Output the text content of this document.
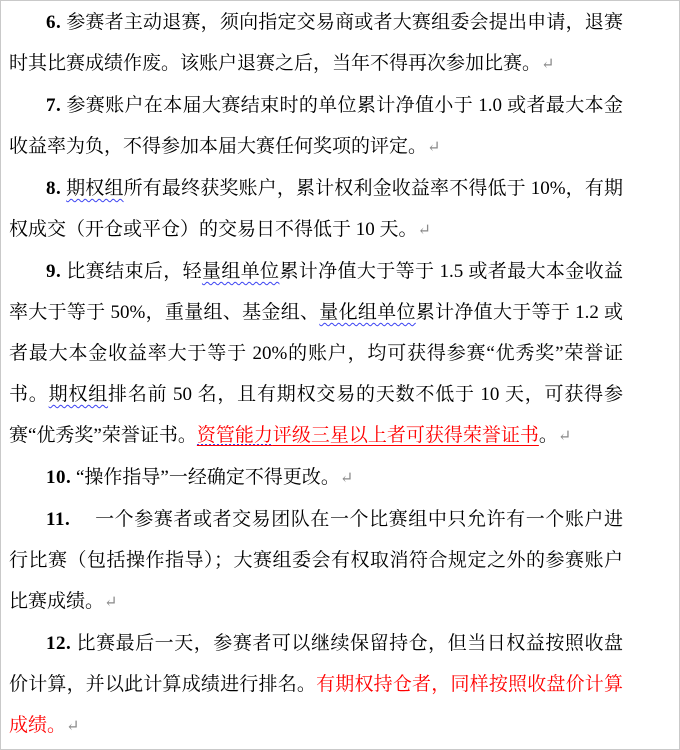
6. 参赛者主动退赛，须向指定交易商或者大赛组委会提出申请，退赛时其比赛成绩作废。该账户退赛之后，当年不得再次参加比赛。↵
7. 参赛账户在本届大赛结束时的单位累计净值小于 1.0 或者最大本金收益率为负，不得参加本届大赛任何奖项的评定。↵
8. 期权组所有最终获奖账户，累计权利金收益率不得低于 10%，有期权成交（开仓或平仓）的交易日不得低于 10 天。↵
9. 比赛结束后，轻量组单位累计净值大于等于 1.5 或者最大本金收益率大于等于 50%，重量组、基金组、量化组单位累计净值大于等于 1.2 或者最大本金收益率大于等于 20%的账户，均可获得参赛“优秀奖”荣誉证书。期权组排名前 50 名，且有期权交易的天数不低于 10 天，可获得参赛“优秀奖”荣誉证书。资管能力评级三星以上者可获得荣誉证书。↵
10. “操作指导”一经确定不得更改。↵
11. 　一个参赛者或者交易团队在一个比赛组中只允许有一个账户进行比赛（包括操作指导）；大赛组委会有权取消符合规定之外的参赛账户比赛成绩。↵
12. 比赛最后一天，参赛者可以继续保留持仓，但当日权益按照收盘价计算，并以此计算成绩进行排名。有期权持仓者，同样按照收盘价计算成绩。↵
